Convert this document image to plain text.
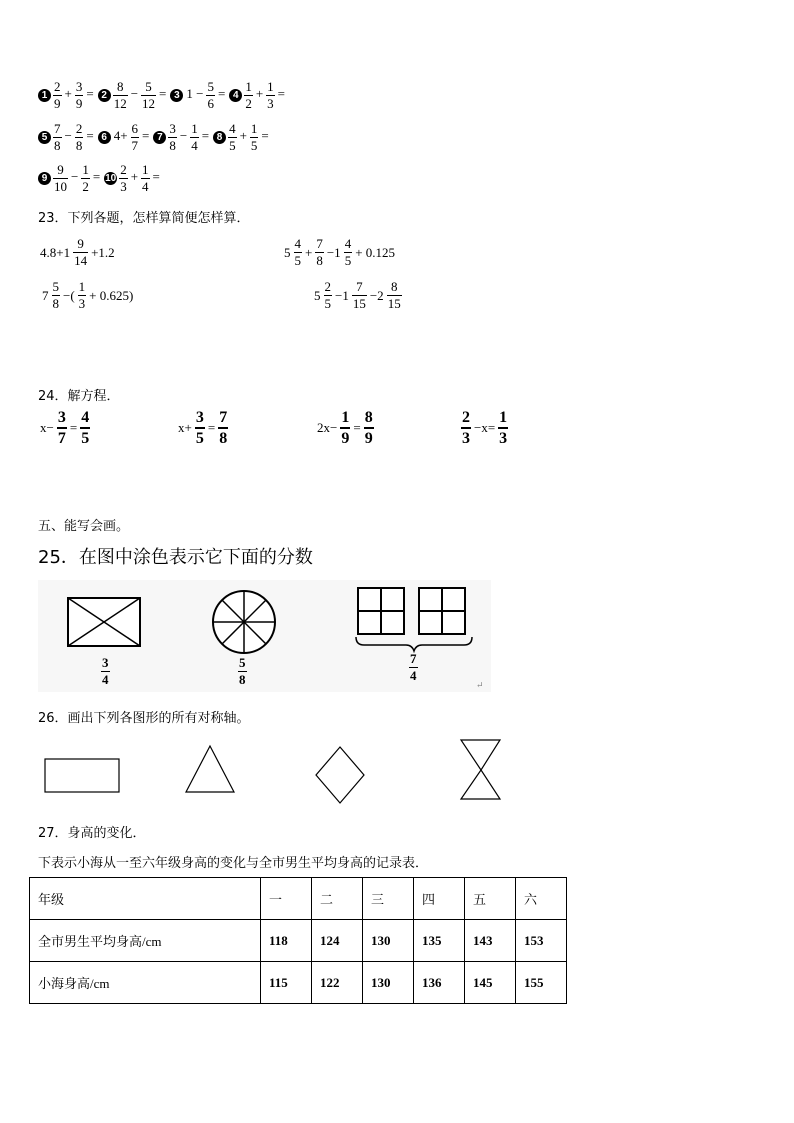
$1 \frac{2}{9} + \frac{3}{9} = 2 \frac{8}{12} - \frac{5}{12} = 3$ $1 - \frac{5}{6} = 4 \frac{1}{2} + \frac{1}{3}$ =
$5 \frac{7}{8} - \frac{2}{8} = 6$ $4+ \frac{6}{7} = 7 \frac{3}{8} - \frac{1}{4} = 8 \frac{4}{5} + \frac{1}{5}$ =
$9 \frac{9}{10} - \frac{1}{2} = 10 \frac{2}{3} + \frac{1}{4}$ =
23．下列各题，怎样算简便怎样算．
$4.8+1 \frac{9}{14} +1.2$	$5 \frac{4}{5} + \frac{7}{8} -1 \frac{4}{5} + 0.125$
$7 \frac{5}{8}$ −( $\frac{1}{3} + 0.625$)	$5 \frac{2}{5} -1 \frac{7}{15} -2 \frac{8}{15}$
24．解方程．
$x- \frac{3}{7} = \frac{4}{5}$	$x+ \frac{3}{5} = \frac{7}{8}$	$2x- \frac{1}{9} = \frac{8}{9}$	$\frac{2}{3} -x= \frac{1}{3}$
五、能写会画。
25．在图中涂色表示它下面的分数
↵
$\frac{3}{4}$	$\frac{5}{8}$	$\frac{7}{4}$
26．画出下列各图形的所有对称轴。
27．身高的变化．
下表示小海从一至六年级身高的变化与全市男生平均身高的记录表．
年级	一	二	三	四	五	六
全市男生平均身高/cm	118	124	130	135	143	153
小海身高/cm	115	122	130	136	145	155
